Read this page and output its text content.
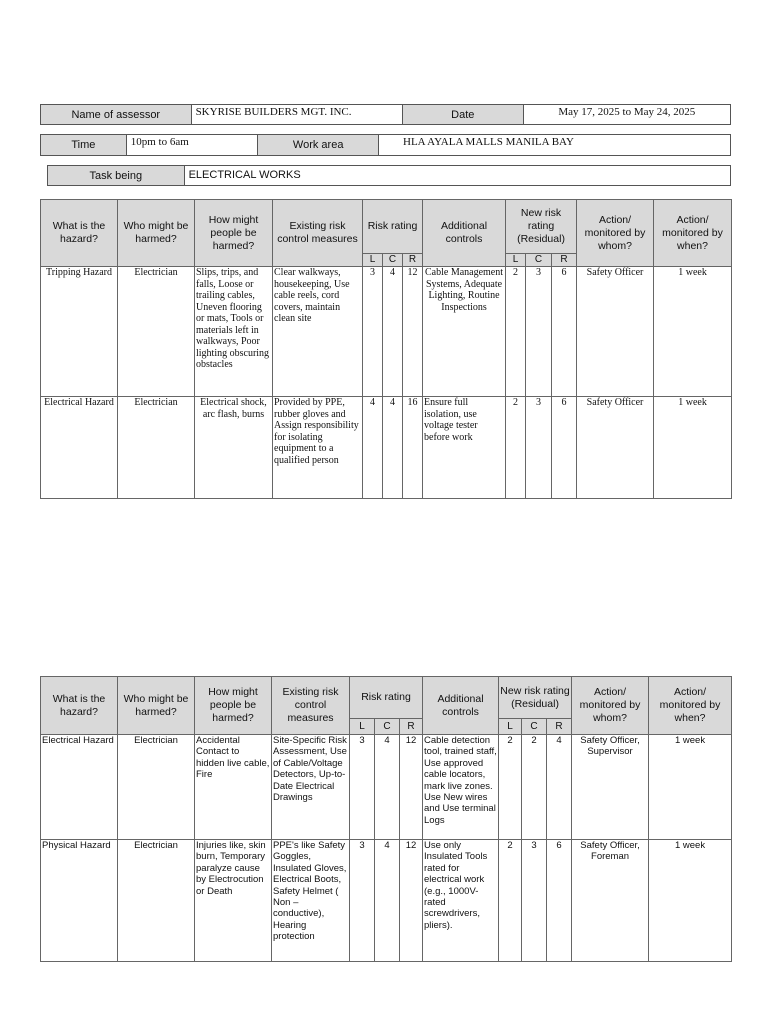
Name of assessor	SKYRISE BUILDERS MGT. INC.	Date	May 17, 2025 to May 24, 2025
Time	10pm to 6am	Work area	HLA AYALA MALLS MANILA BAY
Task being	ELECTRICAL WORKS
What is the hazard?	Who might be harmed?	How might people be harmed?	Existing risk control measures	Risk rating			Additional controls	New risk rating (Residual)			Action/ monitored by whom?	Action/ monitored by when?
				L	C	R		L	C	R		
Tripping Hazard	Electrician	Slips, trips, and falls, Loose or trailing cables, Uneven flooring or mats, Tools or materials left in walkways, Poor lighting obscuring obstacles	Clear walkways, housekeeping, Use cable reels, cord covers, maintain clean site	3	4	12	Cable Management Systems, Adequate Lighting, Routine Inspections	2	3	6	Safety Officer	1 week
Electrical Hazard	Electrician	Electrical shock, arc flash, burns	Provided by PPE, rubber gloves and Assign responsibility for isolating equipment to a qualified person	4	4	16	Ensure full isolation, use voltage tester before work	2	3	6	Safety Officer	1 week
What is the hazard?	Who might be harmed?	How might people be harmed?	Existing risk control measures	Risk rating			Additional controls	New risk rating (Residual)			Action/ monitored by whom?	Action/ monitored by when?
				L	C	R		L	C	R		
Electrical Hazard	Electrician	Accidental Contact to hidden live cable, Fire	Site-Specific Risk Assessment, Use of Cable/Voltage Detectors, Up-to-Date Electrical Drawings	3	4	12	Cable detection tool, trained staff, Use approved cable locators, mark live zones. Use New wires and Use terminal Logs	2	2	4	Safety Officer, Supervisor	1 week
Physical Hazard	Electrician	Injuries like, skin burn, Temporary paralyze cause by Electrocution or Death	PPE's like Safety Goggles, Insulated Gloves, Electrical Boots, Safety Helmet ( Non – conductive), Hearing protection	3	4	12	Use only Insulated Tools rated for electrical work (e.g., 1000V-rated screwdrivers, pliers).	2	3	6	Safety Officer, Foreman	1 week
